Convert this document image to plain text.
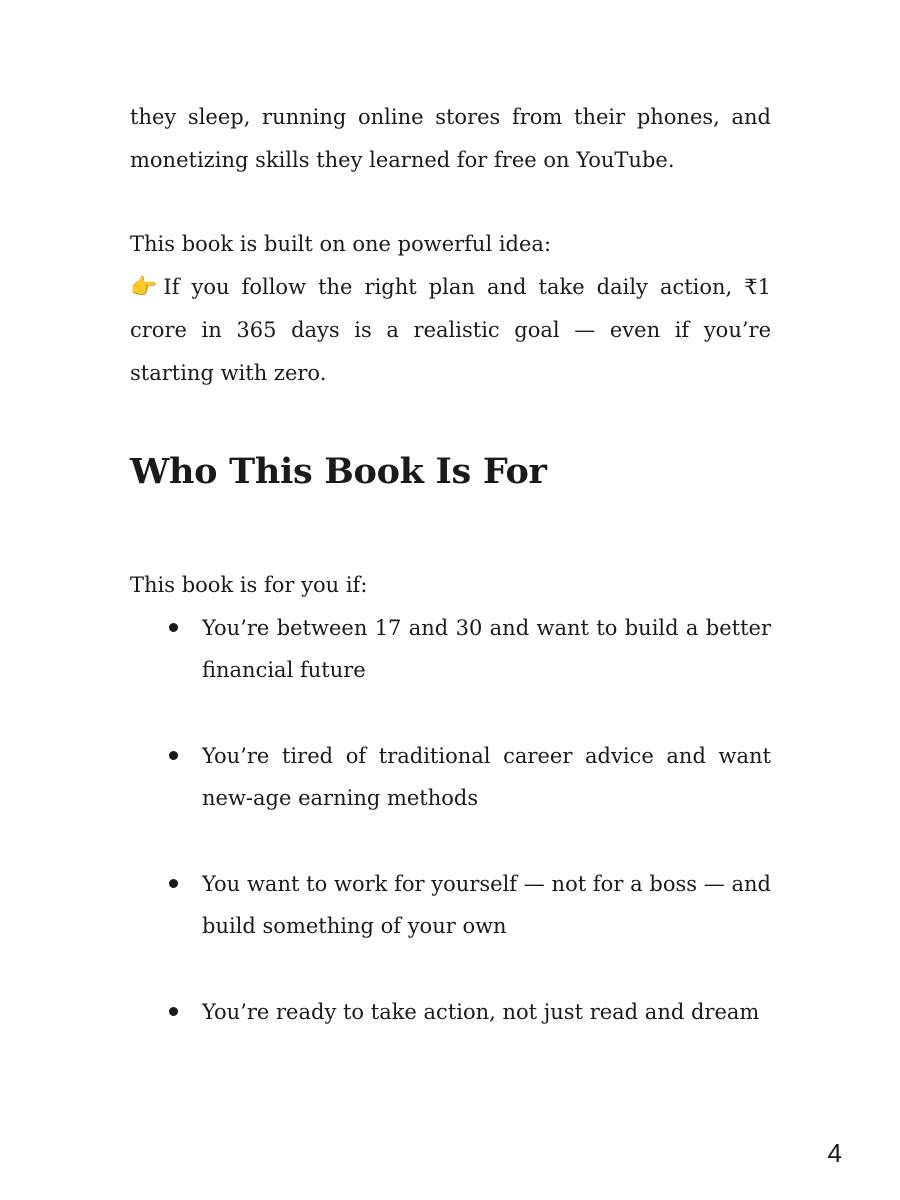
they sleep, running online stores from their phones, and monetizing skills they learned for free on YouTube.

This book is built on one powerful idea:

👉 If you follow the right plan and take daily action, ₹1 crore in 365 days is a realistic goal — even if you’re starting with zero.

Who This Book Is For

This book is for you if:

You’re between 17 and 30 and want to build a better financial future
You’re tired of traditional career advice and want new-age earning methods
You want to work for yourself — not for a boss — and build something of your own
You’re ready to take action, not just read and dream
4
